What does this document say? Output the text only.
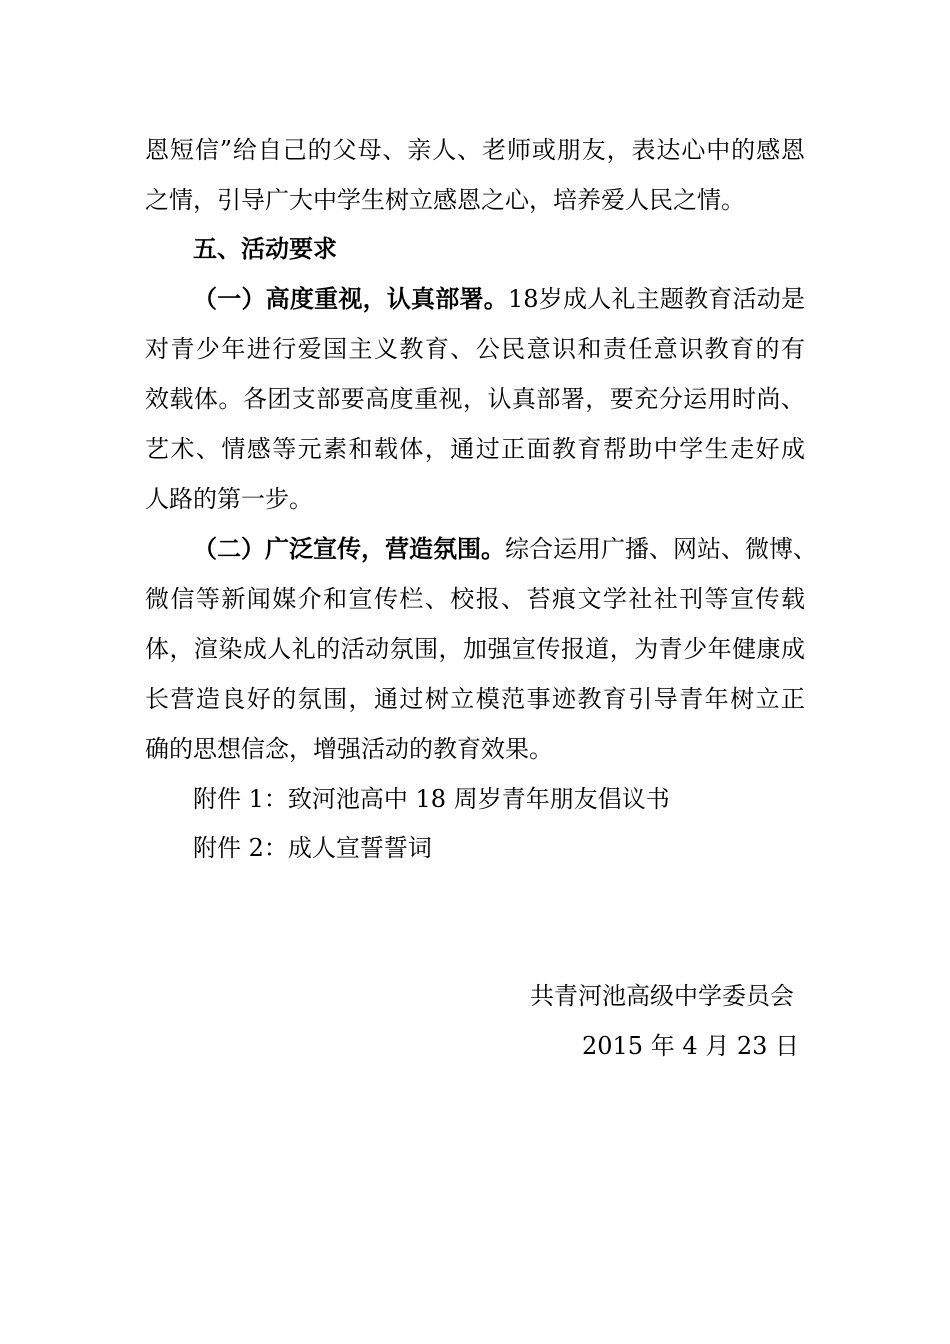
恩短信”给自己的父母、亲人、老师或朋友，表达心中的感恩
之情，引导广大中学生树立感恩之心，培养爱人民之情。
五、活动要求
（一）高度重视，认真部署。18岁成人礼主题教育活动是
对青少年进行爱国主义教育、公民意识和责任意识教育的有
效载体。各团支部要高度重视，认真部署，要充分运用时尚、
艺术、情感等元素和载体，通过正面教育帮助中学生走好成
人路的第一步。
（二）广泛宣传，营造氛围。综合运用广播、网站、微博、
微信等新闻媒介和宣传栏、校报、苔痕文学社社刊等宣传载
体，渲染成人礼的活动氛围，加强宣传报道，为青少年健康成
长营造良好的氛围，通过树立模范事迹教育引导青年树立正
确的思想信念，增强活动的教育效果。
附件 1：致河池高中 18 周岁青年朋友倡议书
附件 2：成人宣誓誓词
共青河池高级中学委员会
2015 年 4 月 23 日
